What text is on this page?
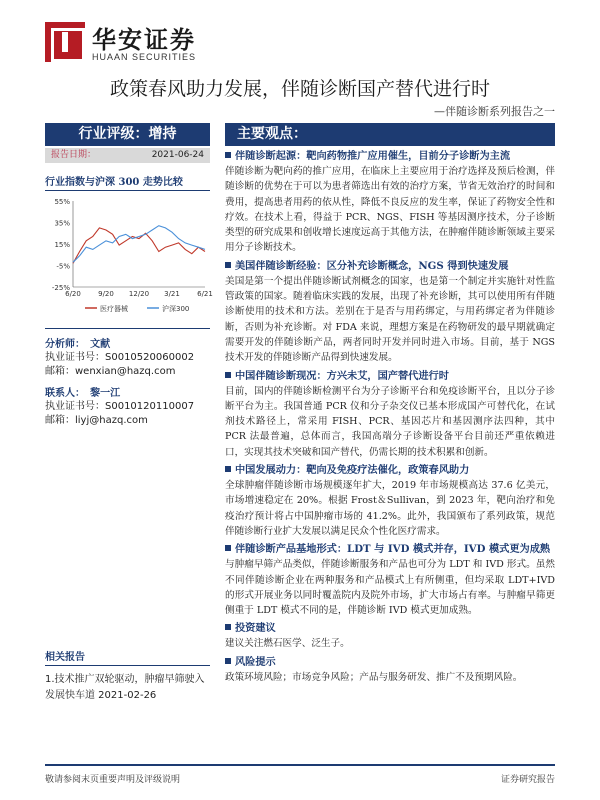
华安证券
HUAAN SECURITIES
政策春风助力发展，伴随诊断国产替代进行时
—伴随诊断系列报告之一
行业评级：增持
报告日期：	2021-06-24
行业指数与沪深 300 走势比较
-25%
-5%
15%
35%
55%
6/20 9/20 12/20 3/21 6/21
医疗器械	沪深300
分析师： 文献
执业证书号：S0010520060002
邮箱：wenxian@hazq.com
联系人： 黎一江
执业证书号：S0010120110007
邮箱：liyj@hazq.com
相关报告
1.技术推广双轮驱动，肿瘤早筛驶入发展快车道 2021-02-26
主要观点：
伴随诊断起源：靶向药物推广应用催生，目前分子诊断为主流
伴随诊断为靶向药的推广应用，在临床上主要应用于治疗选择及预后检测，伴随诊断的优势在于可以为患者筛选出有效的治疗方案，节省无效治疗的时间和费用，提高患者用药的依从性，降低不良反应的发生率，保证了药物安全性和疗效。在技术上看，得益于 PCR、NGS、FISH 等基因测序技术，分子诊断类型的研究成果和创收增长速度远高于其他方法，在肿瘤伴随诊断领域主要采用分子诊断技术。
美国伴随诊断经验：区分补充诊断概念，NGS 得到快速发展
美国是第一个提出伴随诊断试剂概念的国家，也是第一个制定并实施针对性监管政策的国家。随着临床实践的发展，出现了补充诊断，其可以使用所有伴随诊断使用的技术和方法。差别在于是否与用药绑定，与用药绑定者为伴随诊断，否则为补充诊断。对 FDA 来说，理想方案是在药物研发的最早期就确定需要开发的伴随诊断产品，两者同时开发并同时进入市场。目前，基于 NGS 技术开发的伴随诊断产品得到快速发展。
中国伴随诊断现况：方兴未艾，国产替代进行时
目前，国内的伴随诊断检测平台为分子诊断平台和免疫诊断平台，且以分子诊断平台为主。我国普通 PCR 仪和分子杂交仪已基本形成国产可替代化，在试剂技术路径上，常采用 FISH、PCR、基因芯片和基因测序法四种，其中 PCR 法最普遍，总体而言，我国高端分子诊断设备平台目前还严重依赖进口，实现其技术突破和国产替代，仍需长期的技术积累和创新。
中国发展动力：靶向及免疫疗法催化，政策春风助力
全球肿瘤伴随诊断市场规模逐年扩大，2019 年市场规模高达 37.6 亿美元，市场增速稳定在 20%。根据 Frost＆Sullivan，到 2023 年，靶向治疗和免疫治疗预计将占中国肿瘤市场的 41.2%。此外，我国颁布了系列政策，规范伴随诊断行业扩大发展以满足民众个性化医疗需求。
伴随诊断产品基地形式：LDT 与 IVD 模式并存，IVD 模式更为成熟
与肿瘤早筛产品类似，伴随诊断服务和产品也可分为 LDT 和 IVD 形式。虽然不同伴随诊断企业在两种服务和产品模式上有所侧重，但均采取 LDT+IVD 的形式开展业务以同时覆盖院内及院外市场，扩大市场占有率。与肿瘤早筛更侧重于 LDT 模式不同的是，伴随诊断 IVD 模式更加成熟。
投资建议
建议关注燃石医学、泛生子。
风险提示
政策环境风险；市场竞争风险；产品与服务研发、推广不及预期风险。
敬请参阅末页重要声明及评级说明	证券研究报告
